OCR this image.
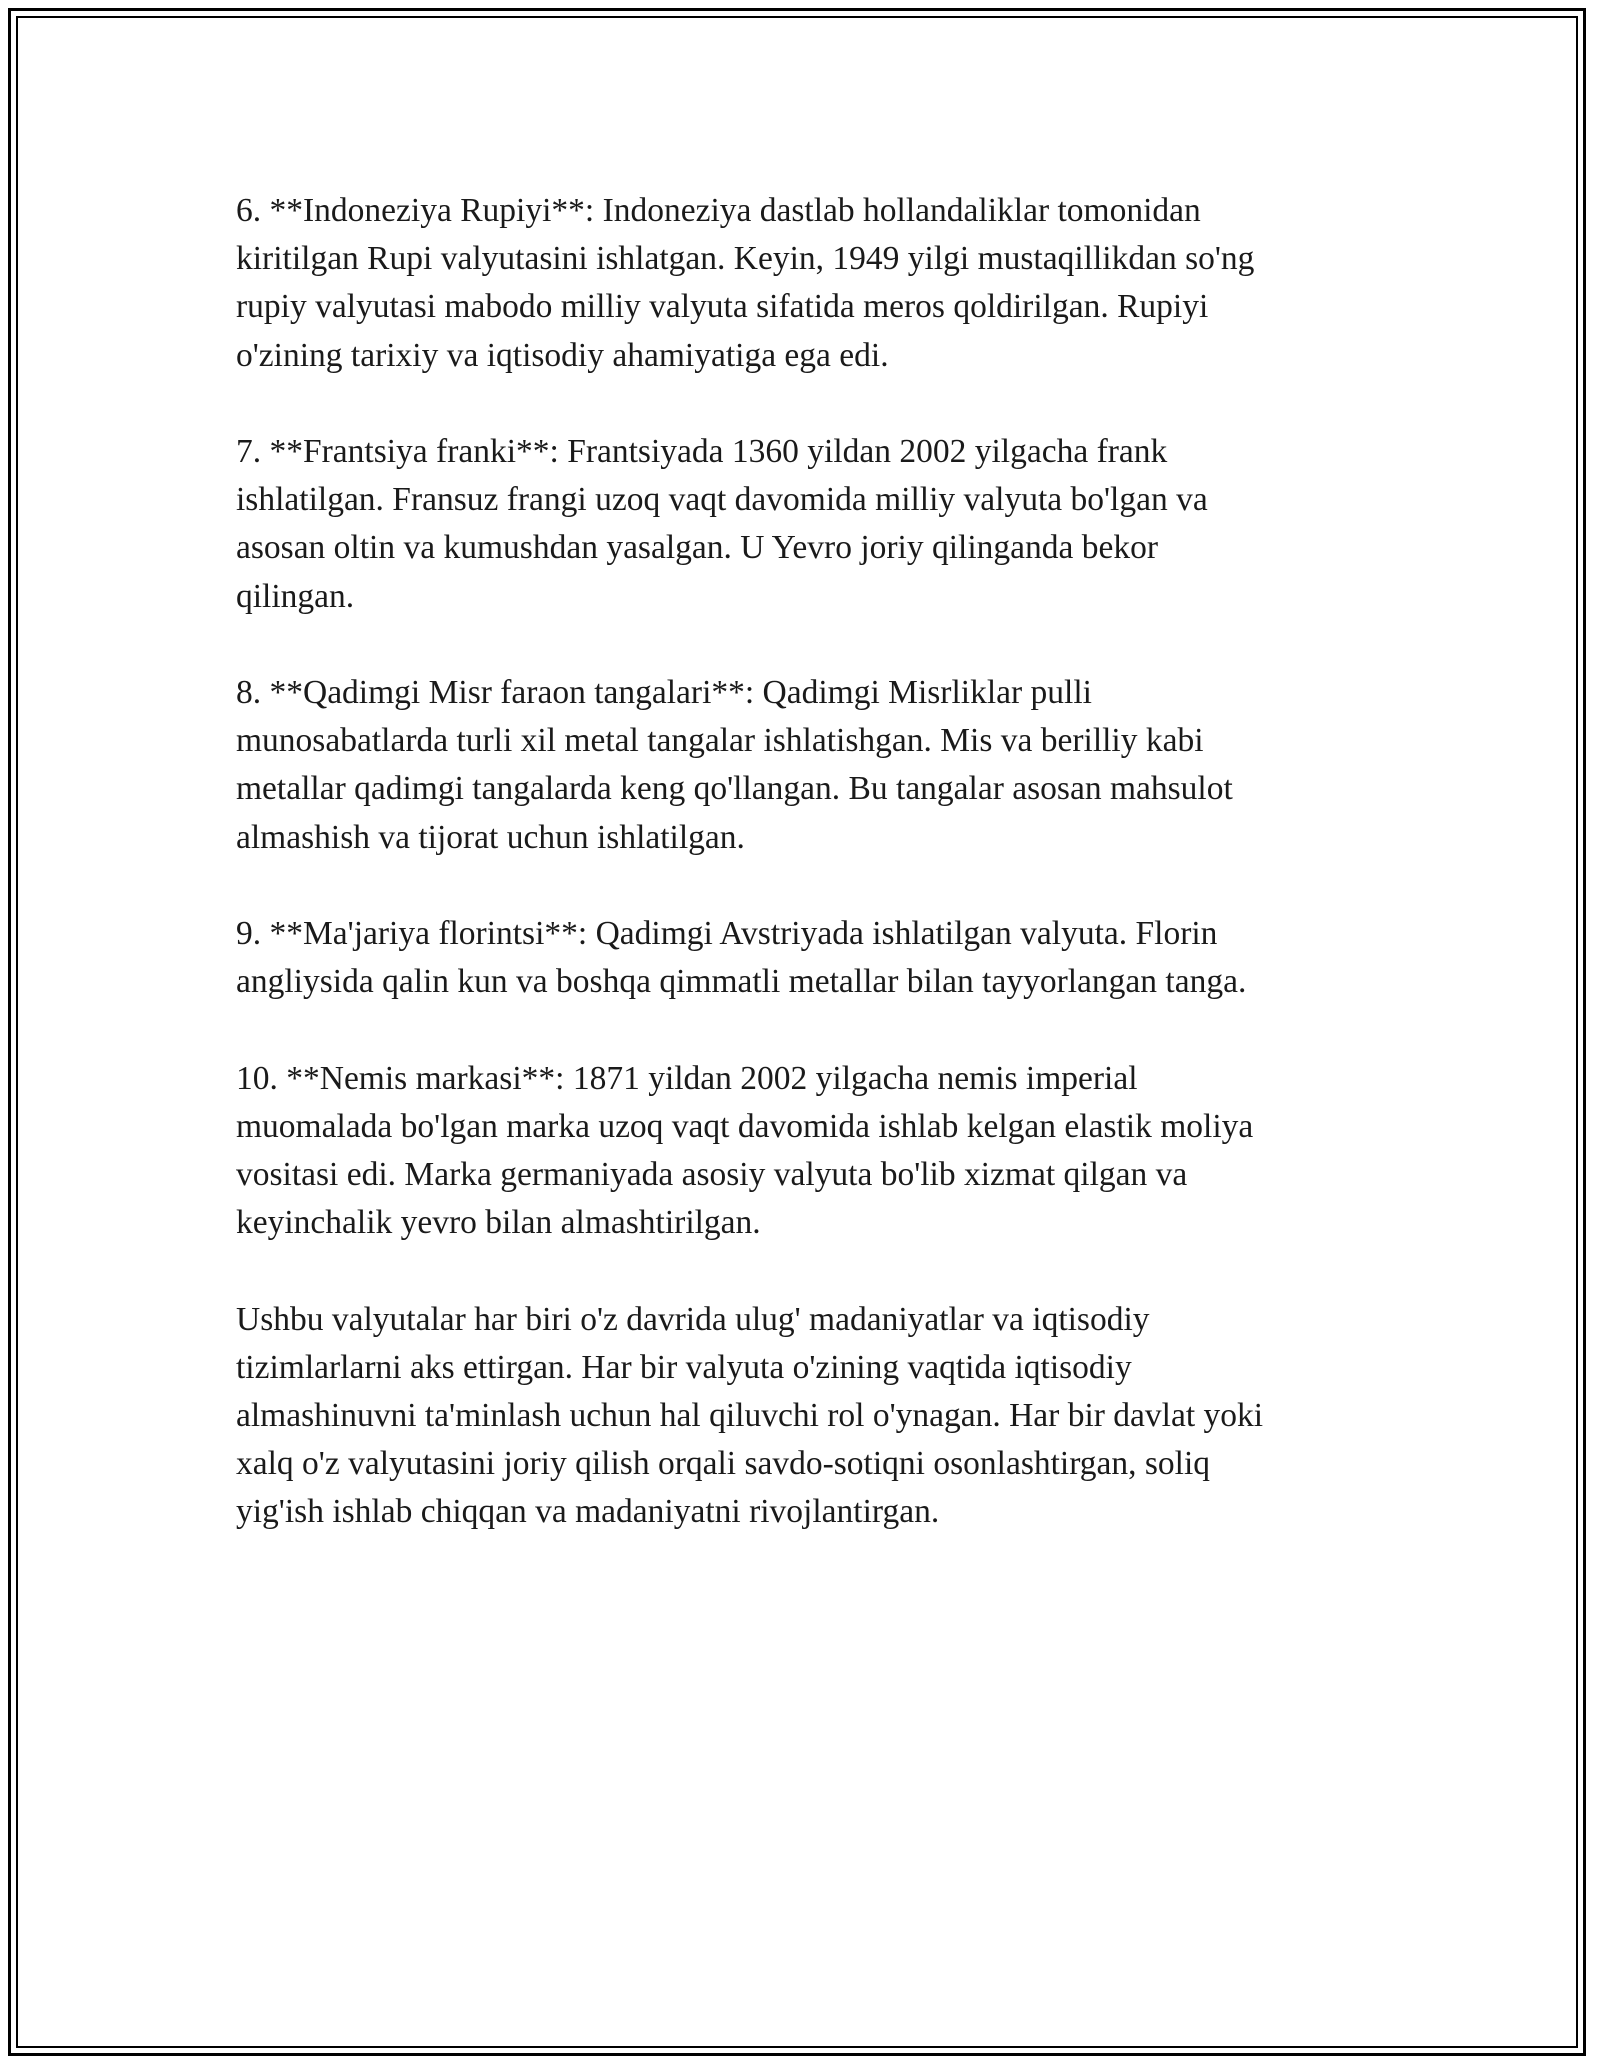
6. **Indoneziya Rupiyi**: Indoneziya dastlab hollandaliklar tomonidan
kiritilgan Rupi valyutasini ishlatgan. Keyin, 1949 yilgi mustaqillikdan so'ng
rupiy valyutasi mabodo milliy valyuta sifatida meros qoldirilgan. Rupiyi
o'zining tarixiy va iqtisodiy ahamiyatiga ega edi.

7. **Frantsiya franki**: Frantsiyada 1360 yildan 2002 yilgacha frank
ishlatilgan. Fransuz frangi uzoq vaqt davomida milliy valyuta bo'lgan va
asosan oltin va kumushdan yasalgan. U Yevro joriy qilinganda bekor
qilingan.

8. **Qadimgi Misr faraon tangalari**: Qadimgi Misrliklar pulli
munosabatlarda turli xil metal tangalar ishlatishgan. Mis va berilliy kabi
metallar qadimgi tangalarda keng qo'llangan. Bu tangalar asosan mahsulot
almashish va tijorat uchun ishlatilgan.

9. **Ma'jariya florintsi**: Qadimgi Avstriyada ishlatilgan valyuta. Florin
angliysida qalin kun va boshqa qimmatli metallar bilan tayyorlangan tanga.

10. **Nemis markasi**: 1871 yildan 2002 yilgacha nemis imperial
muomalada bo'lgan marka uzoq vaqt davomida ishlab kelgan elastik moliya
vositasi edi. Marka germaniyada asosiy valyuta bo'lib xizmat qilgan va
keyinchalik yevro bilan almashtirilgan.

Ushbu valyutalar har biri o'z davrida ulug' madaniyatlar va iqtisodiy
tizimlarlarni aks ettirgan. Har bir valyuta o'zining vaqtida iqtisodiy
almashinuvni ta'minlash uchun hal qiluvchi rol o'ynagan. Har bir davlat yoki
xalq o'z valyutasini joriy qilish orqali savdo-sotiqni osonlashtirgan, soliq
yig'ish ishlab chiqqan va madaniyatni rivojlantirgan.
